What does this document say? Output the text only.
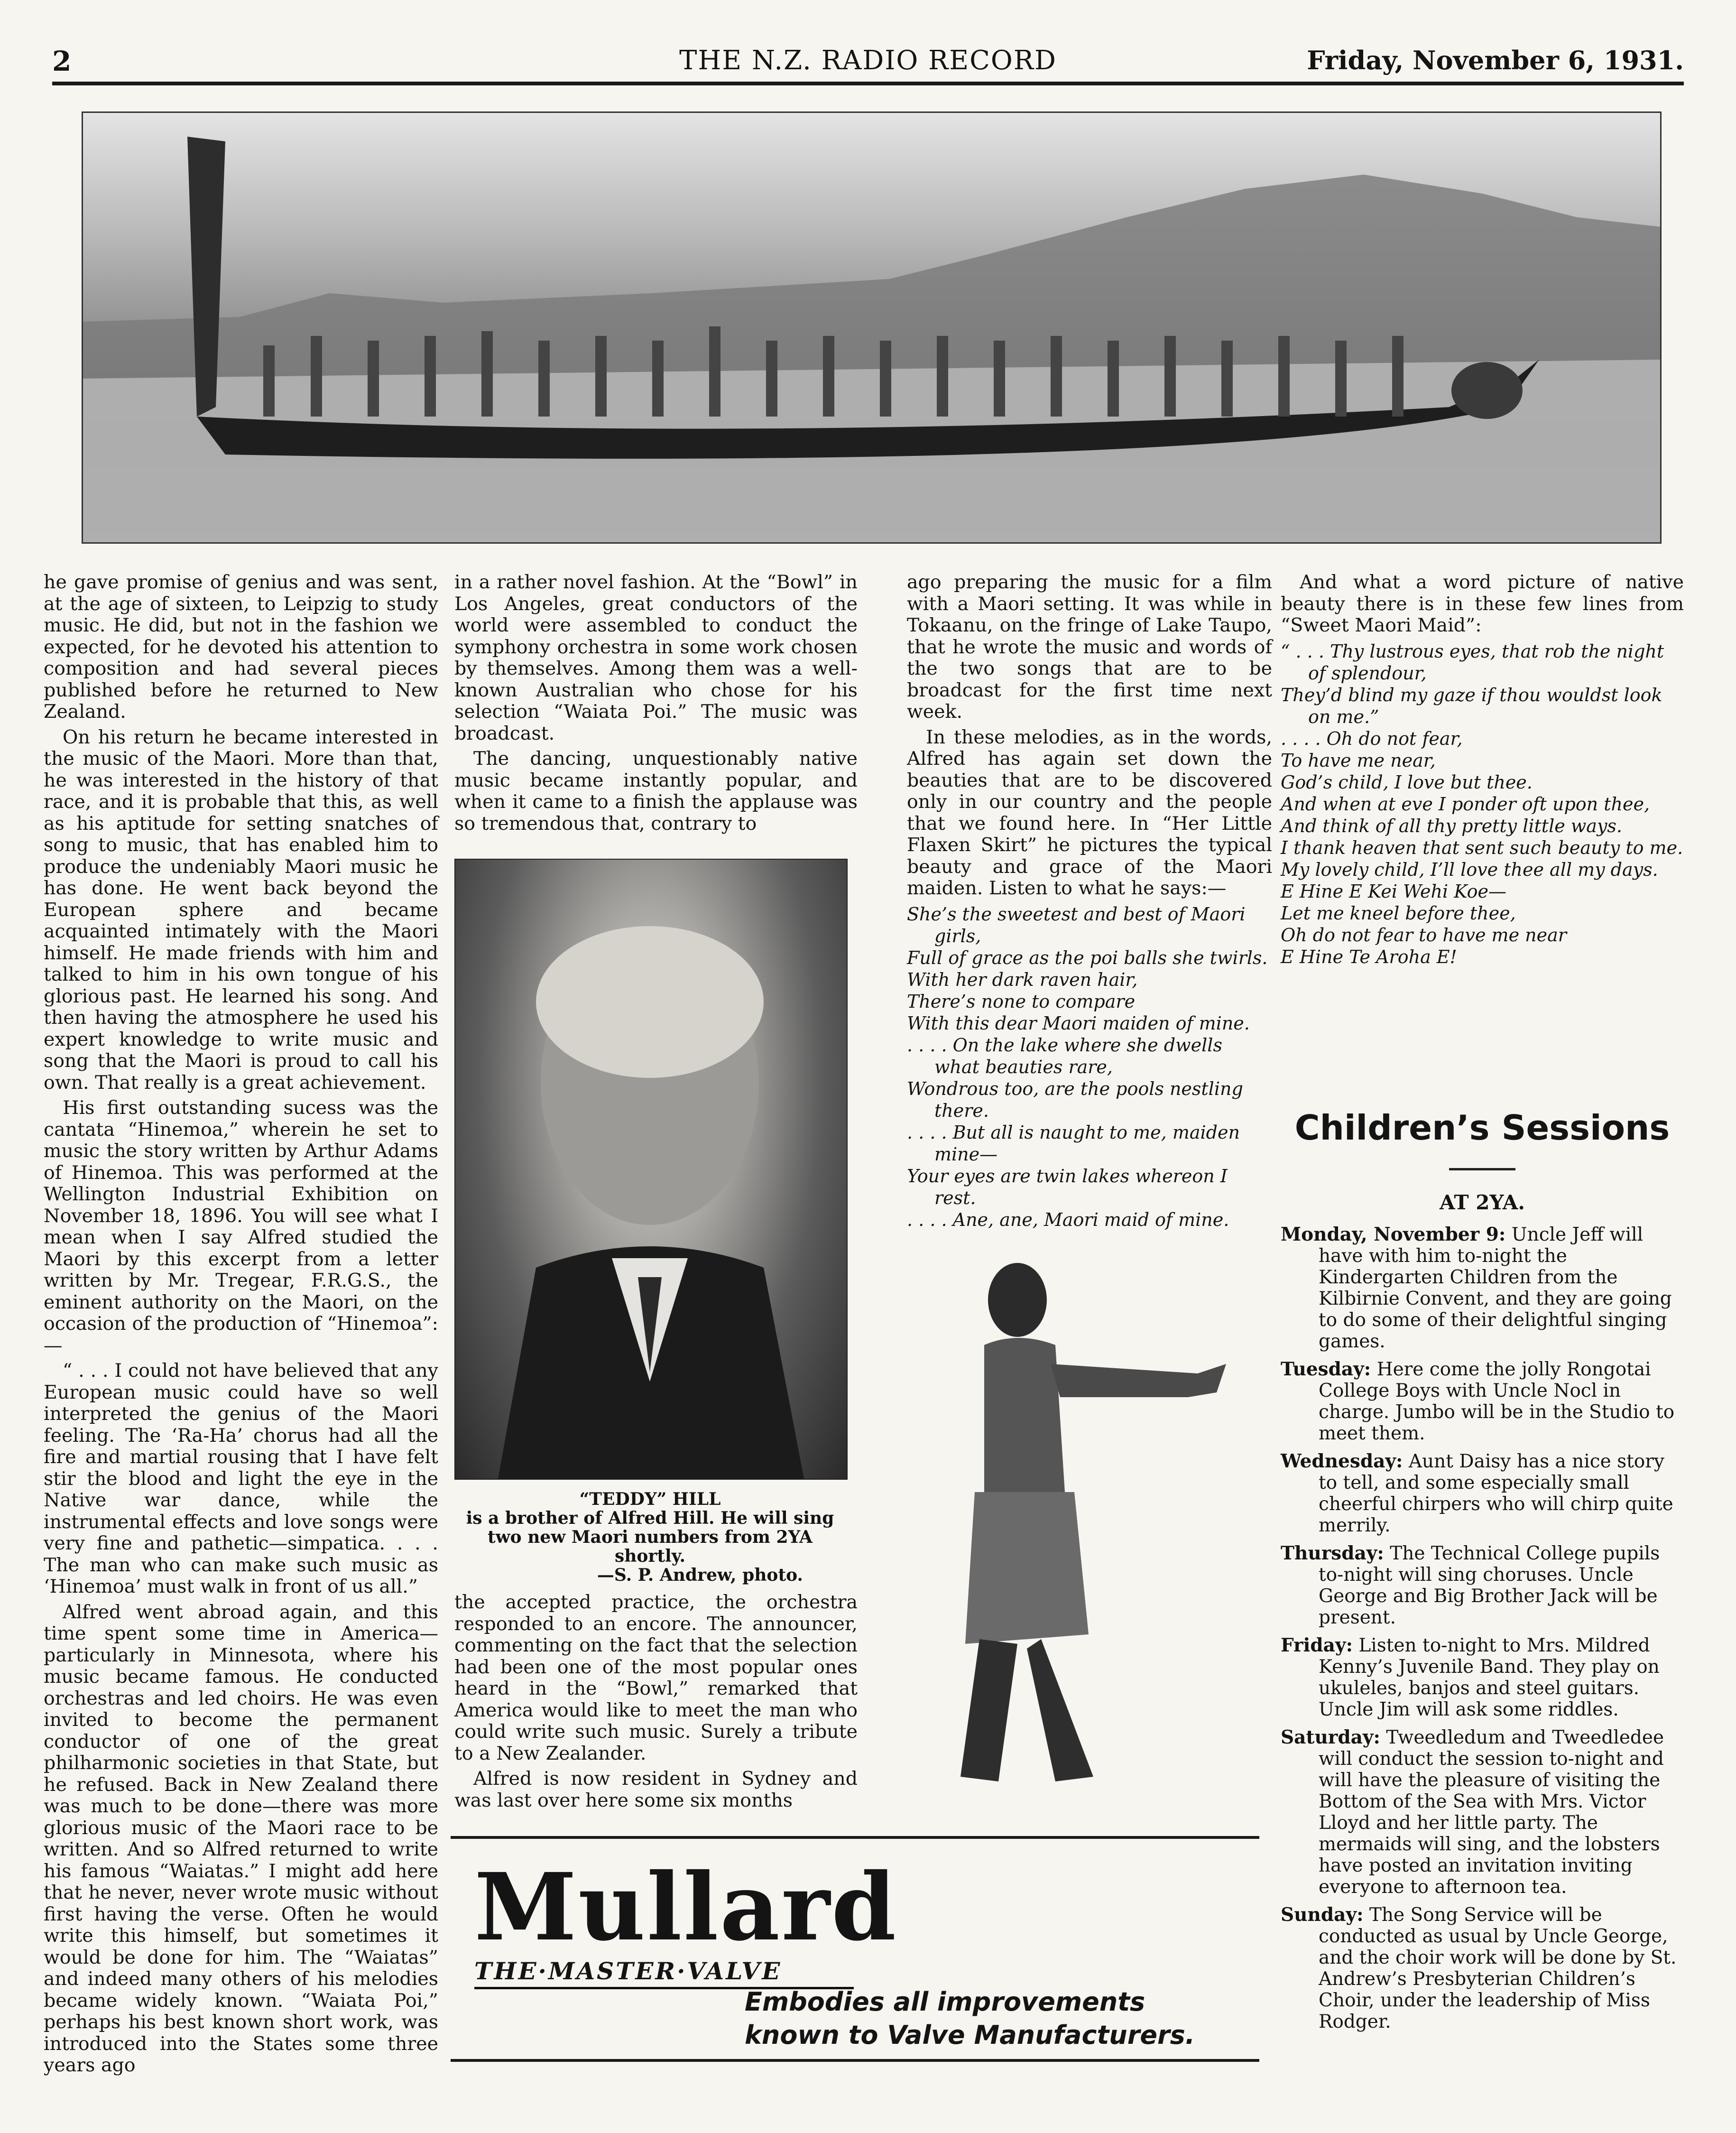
2	THE N.Z. RADIO RECORD	Friday, November 6, 1931.

he gave promise of genius and was sent, at the age of sixteen, to Leipzig to study music. He did, but not in the fashion we expected, for he devoted his attention to composition and had several pieces published before he returned to New Zealand.

On his return he became interested in the music of the Maori. More than that, he was interested in the history of that race, and it is probable that this, as well as his aptitude for setting snatches of song to music, that has enabled him to produce the undeniably Maori music he has done. He went back beyond the European sphere and became acquainted intimately with the Maori himself. He made friends with him and talked to him in his own tongue of his glorious past. He learned his song. And then having the atmosphere he used his expert knowledge to write music and song that the Maori is proud to call his own. That really is a great achievement.

His first outstanding sucess was the cantata “Hinemoa,” wherein he set to music the story written by Arthur Adams of Hinemoa. This was performed at the Wellington Industrial Exhibition on November 18, 1896. You will see what I mean when I say Alfred studied the Maori by this excerpt from a letter written by Mr. Tregear, F.R.G.S., the eminent authority on the Maori, on the occasion of the production of “Hinemoa”:—

“ . . . I could not have believed that any European music could have so well interpreted the genius of the Maori feeling. The ‘Ra-Ha’ chorus had all the fire and martial rousing that I have felt stir the blood and light the eye in the Native war dance, while the instrumental effects and love songs were very fine and pathetic—simpatica. . . . The man who can make such music as ‘Hinemoa’ must walk in front of us all.”

Alfred went abroad again, and this time spent some time in America—particularly in Minnesota, where his music became famous. He conducted orchestras and led choirs. He was even invited to become the permanent conductor of one of the great philharmonic societies in that State, but he refused. Back in New Zealand there was much to be done—there was more glorious music of the Maori race to be written. And so Alfred returned to write his famous “Waiatas.” I might add here that he never, never wrote music without first having the verse. Often he would write this himself, but sometimes it would be done for him. The “Waiatas” and indeed many others of his melodies became widely known. “Waiata Poi,” perhaps his best known short work, was introduced into the States some three years ago

in a rather novel fashion. At the “Bowl” in Los Angeles, great conductors of the world were assembled to conduct the symphony orchestra in some work chosen by themselves. Among them was a well-known Australian who chose for his selection “Waiata Poi.” The music was broadcast.

The dancing, unquestionably native music became instantly popular, and when it came to a finish the applause was so tremendous that, contrary to

“TEDDY” HILL
is a brother of Alfred Hill. He will sing two new Maori numbers from 2YA shortly.
—S. P. Andrew, photo.

the accepted practice, the orchestra responded to an encore. The announcer, commenting on the fact that the selection had been one of the most popular ones heard in the “Bowl,” remarked that America would like to meet the man who could write such music. Surely a tribute to a New Zealander.

Alfred is now resident in Sydney and was last over here some six months

ago preparing the music for a film with a Maori setting. It was while in Tokaanu, on the fringe of Lake Taupo, that he wrote the music and words of the two songs that are to be broadcast for the first time next week.

In these melodies, as in the words, Alfred has again set down the beauties that are to be discovered only in our country and the people that we found here. In “Her Little Flaxen Skirt” he pictures the typical beauty and grace of the Maori maiden. Listen to what he says:—

She’s the sweetest and best of Maori girls,
Full of grace as the poi balls she twirls.
With her dark raven hair,
There’s none to compare
With this dear Maori maiden of mine.
. . . . On the lake where she dwells what beauties rare,
Wondrous too, are the pools nestling there.
. . . . But all is naught to me, maiden mine—
Your eyes are twin lakes whereon I rest.
. . . . Ane, ane, Maori maid of mine.

And what a word picture of native beauty there is in these few lines from “Sweet Maori Maid”:

“ . . . Thy lustrous eyes, that rob the night of splendour,
They’d blind my gaze if thou wouldst look on me.”
. . . . Oh do not fear,
To have me near,
God’s child, I love but thee.
And when at eve I ponder oft upon thee,
And think of all thy pretty little ways.
I thank heaven that sent such beauty to me.
My lovely child, I’ll love thee all my days.
E Hine E Kei Wehi Koe—
Let me kneel before thee,
Oh do not fear to have me near
E Hine Te Aroha E!
Children’s Sessions
AT 2YA.
Monday, November 9: Uncle Jeff will have with him to-night the Kindergarten Children from the Kilbirnie Convent, and they are going to do some of their delightful singing games.
Tuesday: Here come the jolly Rongotai College Boys with Uncle Nocl in charge. Jumbo will be in the Studio to meet them.
Wednesday: Aunt Daisy has a nice story to tell, and some especially small cheerful chirpers who will chirp quite merrily.
Thursday: The Technical College pupils to-night will sing choruses. Uncle George and Big Brother Jack will be present.
Friday: Listen to-night to Mrs. Mildred Kenny’s Juvenile Band. They play on ukuleles, banjos and steel guitars. Uncle Jim will ask some riddles.
Saturday: Tweedledum and Tweedledee will conduct the session to-night and will have the pleasure of visiting the Bottom of the Sea with Mrs. Victor Lloyd and her little party. The mermaids will sing, and the lobsters have posted an invitation inviting everyone to afternoon tea.
Sunday: The Song Service will be conducted as usual by Uncle George, and the choir work will be done by St. Andrew’s Presbyterian Children’s Choir, under the leadership of Miss Rodger.
Mullard
THE·MASTER·VALVE
Embodies all improvements
known to Valve Manufacturers.
